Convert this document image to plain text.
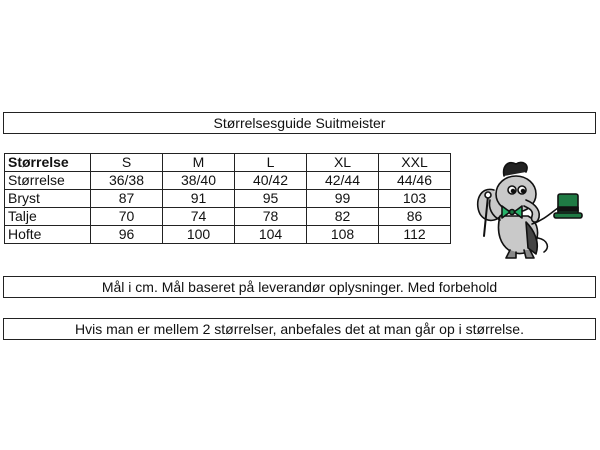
Størrelsesguide Suitmeister
Størrelse	S	M	L	XL	XXL
Størrelse	36/38	38/40	40/42	42/44	44/46
Bryst	87	91	95	99	103
Talje	70	74	78	82	86
Hofte	96	100	104	108	112
Mål i cm. Mål baseret på leverandør oplysninger. Med forbehold
Hvis man er mellem 2 størrelser, anbefales det at man går op i størrelse.
